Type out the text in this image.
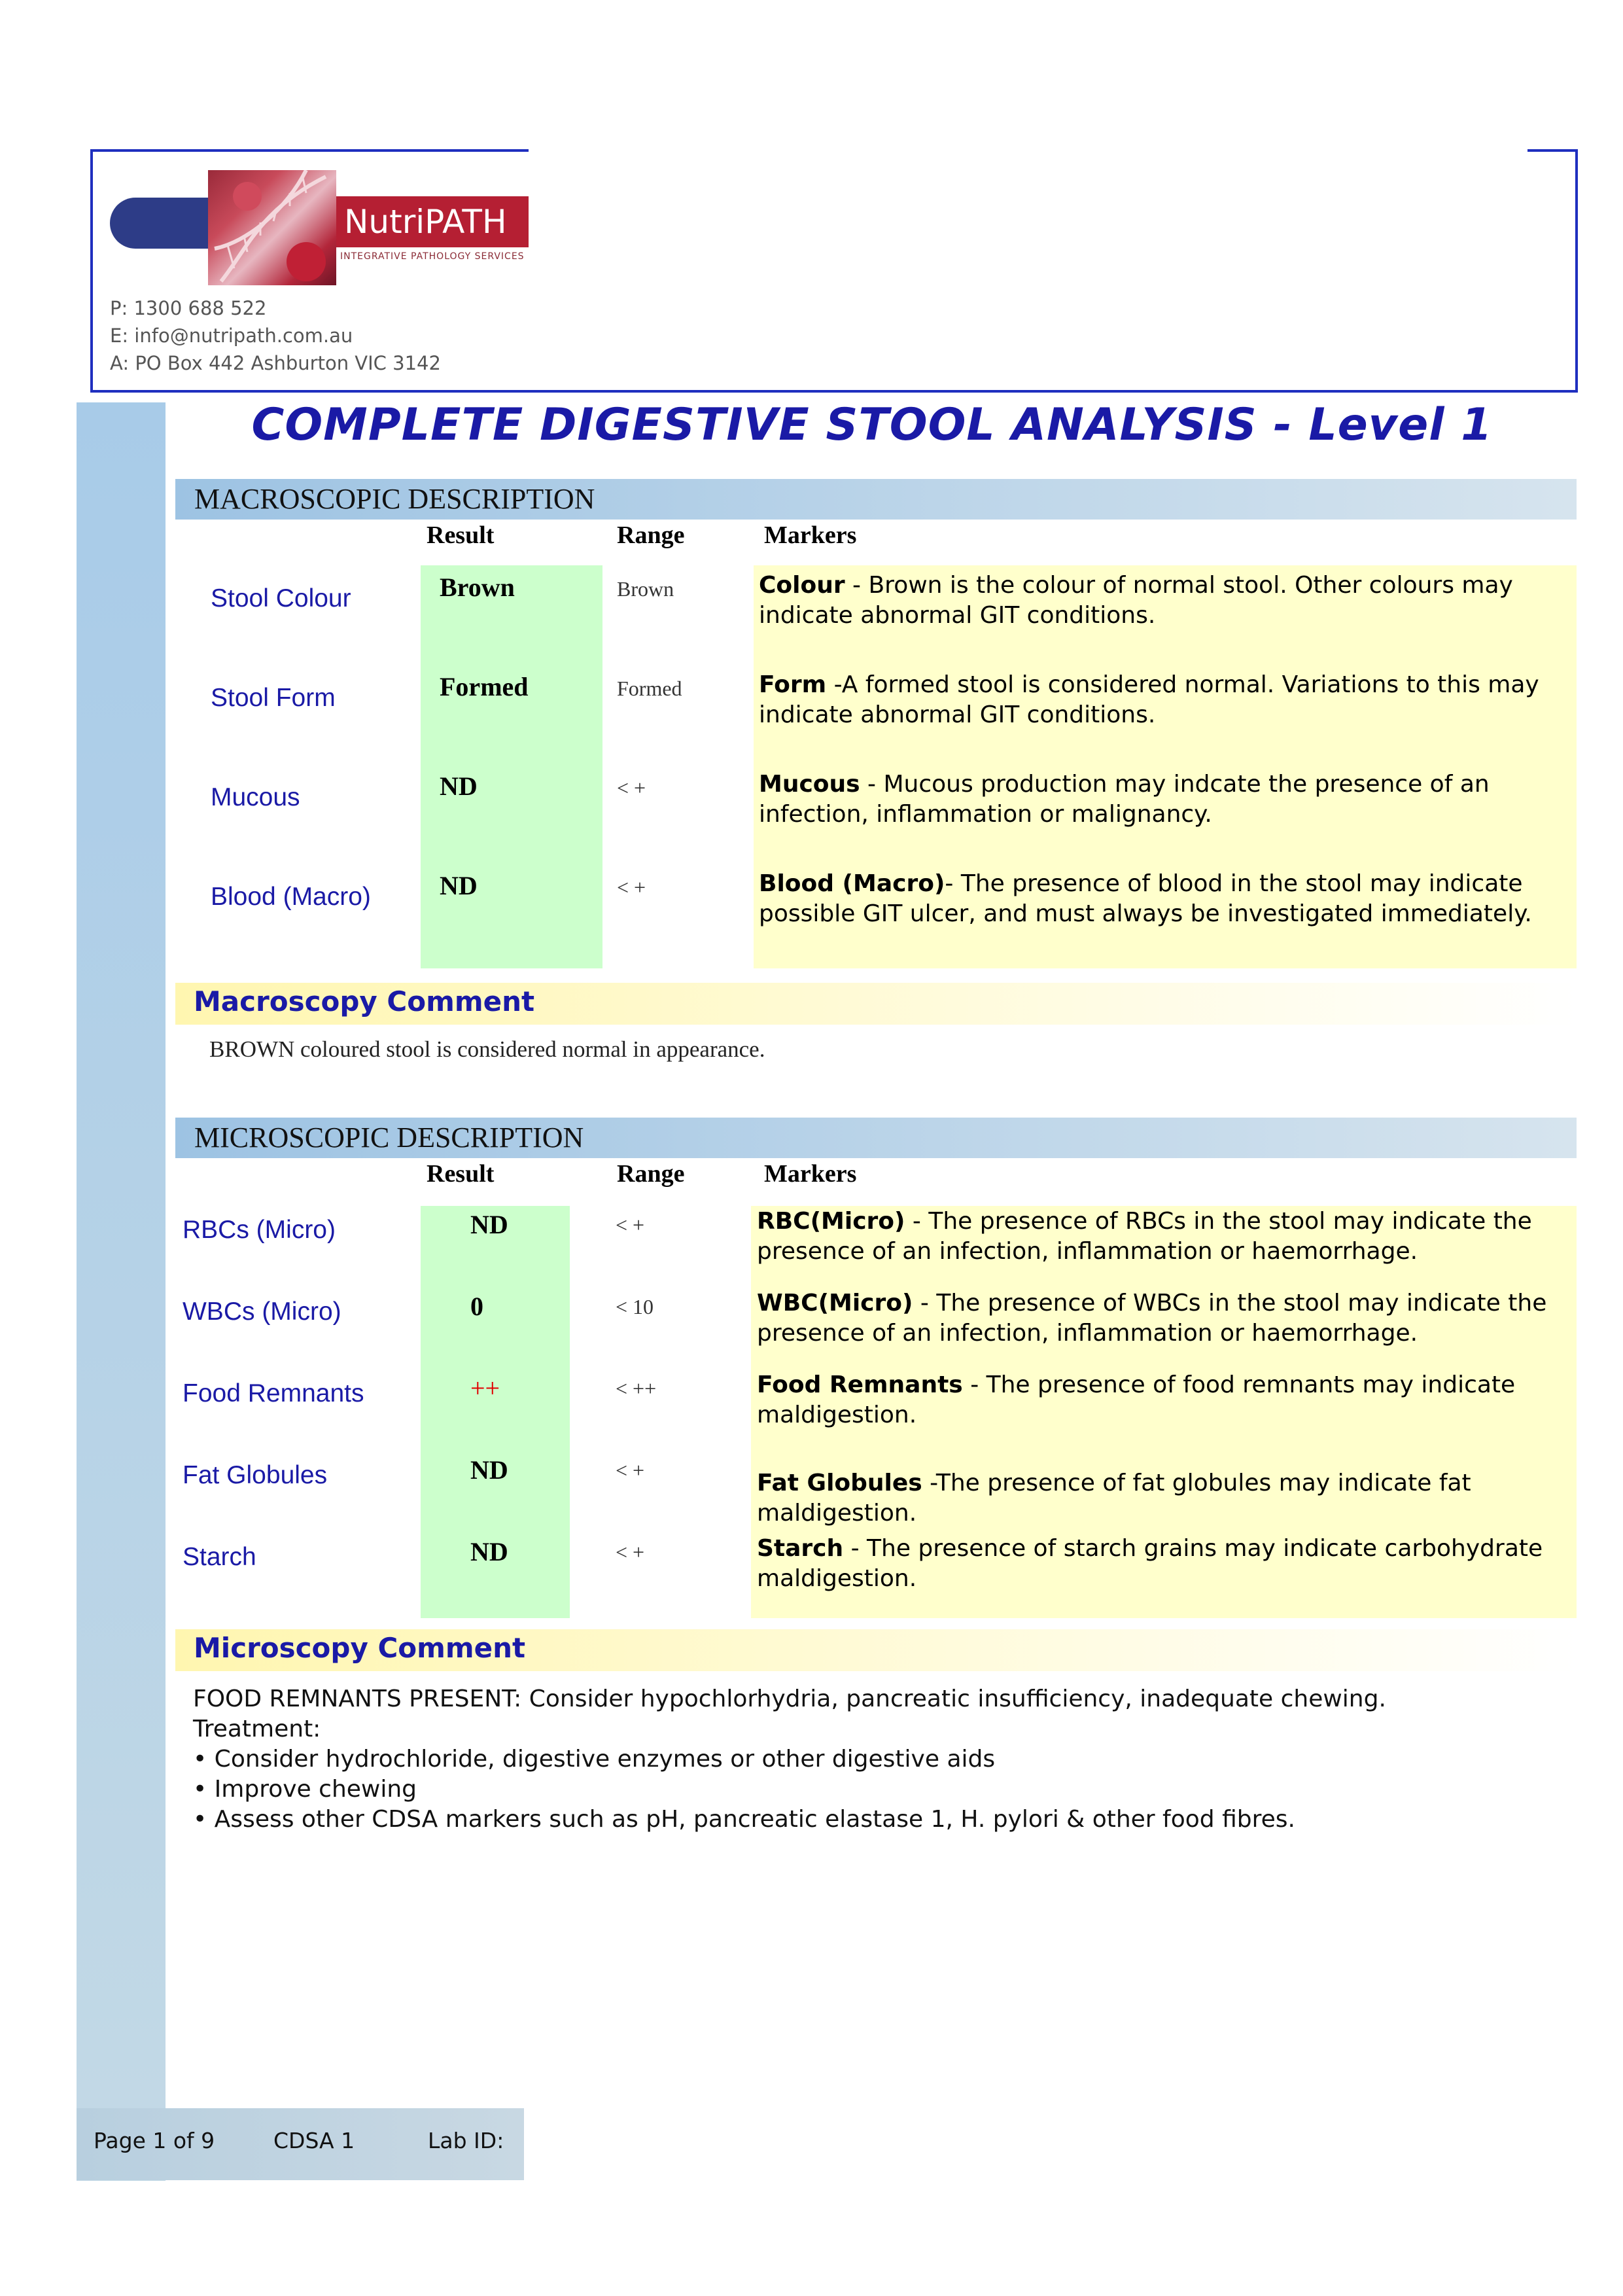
NutriPATH
INTEGRATIVE PATHOLOGY SERVICES
P: 1300 688 522
E: info@nutripath.com.au
A: PO Box 442 Ashburton VIC 3142
COMPLETE DIGESTIVE STOOL ANALYSIS - Level 1
MACROSCOPIC DESCRIPTION
Result	Range	Markers
Stool Colour	Brown	Brown	Colour - Brown is the colour of normal stool. Other colours may indicate abnormal GIT conditions.
Stool Form	Formed	Formed	Form -A formed stool is considered normal. Variations to this may indicate abnormal GIT conditions.
Mucous	ND	< +	Mucous - Mucous production may indcate the presence of an infection, inflammation or malignancy.
Blood (Macro)	ND	< +	Blood (Macro)- The presence of blood in the stool may indicate possible GIT ulcer, and must always be investigated immediately.
Macroscopy Comment
BROWN coloured stool is considered normal in appearance.
MICROSCOPIC DESCRIPTION
Result	Range	Markers
RBCs (Micro)	ND	< +	RBC(Micro) - The presence of RBCs in the stool may indicate the presence of an infection, inflammation or haemorrhage.
WBCs (Micro)	0	< 10	WBC(Micro) - The presence of WBCs in the stool may indicate the presence of an infection, inflammation or haemorrhage.
Food Remnants	++	< ++	Food Remnants - The presence of food remnants may indicate maldigestion.
Fat Globules	ND	< +	Fat Globules -The presence of fat globules may indicate fat maldigestion.
Starch	ND	< +	Starch - The presence of starch grains may indicate carbohydrate maldigestion.
Microscopy Comment
FOOD REMNANTS PRESENT: Consider hypochlorhydria, pancreatic insufficiency, inadequate chewing.
Treatment:
• Consider hydrochloride, digestive enzymes or other digestive aids
• Improve chewing
• Assess other CDSA markers such as pH, pancreatic elastase 1, H. pylori & other food fibres.
Page 1 of 9	CDSA 1	Lab ID:
